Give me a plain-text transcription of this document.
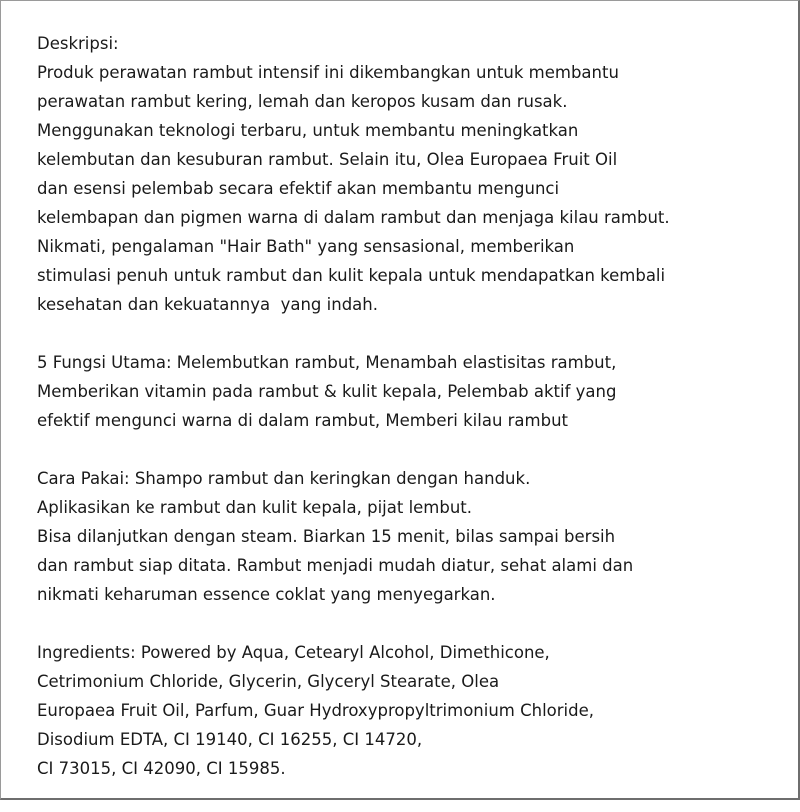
Deskripsi:
Produk perawatan rambut intensif ini dikembangkan untuk membantu
perawatan rambut kering, lemah dan keropos kusam dan rusak.
Menggunakan teknologi terbaru, untuk membantu meningkatkan
kelembutan dan kesuburan rambut. Selain itu, Olea Europaea Fruit Oil
dan esensi pelembab secara efektif akan membantu mengunci
kelembapan dan pigmen warna di dalam rambut dan menjaga kilau rambut.
Nikmati, pengalaman "Hair Bath" yang sensasional, memberikan
stimulasi penuh untuk rambut dan kulit kepala untuk mendapatkan kembali
kesehatan dan kekuatannya  yang indah.
5 Fungsi Utama: Melembutkan rambut, Menambah elastisitas rambut,
Memberikan vitamin pada rambut & kulit kepala, Pelembab aktif yang
efektif mengunci warna di dalam rambut, Memberi kilau rambut
Cara Pakai: Shampo rambut dan keringkan dengan handuk.
Aplikasikan ke rambut dan kulit kepala, pijat lembut.
Bisa dilanjutkan dengan steam. Biarkan 15 menit, bilas sampai bersih
dan rambut siap ditata. Rambut menjadi mudah diatur, sehat alami dan
nikmati keharuman essence coklat yang menyegarkan.
Ingredients: Powered by Aqua, Cetearyl Alcohol, Dimethicone,
Cetrimonium Chloride, Glycerin, Glyceryl Stearate, Olea
Europaea Fruit Oil, Parfum, Guar Hydroxypropyltrimonium Chloride,
Disodium EDTA, CI 19140, CI 16255, CI 14720,
CI 73015, CI 42090, CI 15985.
